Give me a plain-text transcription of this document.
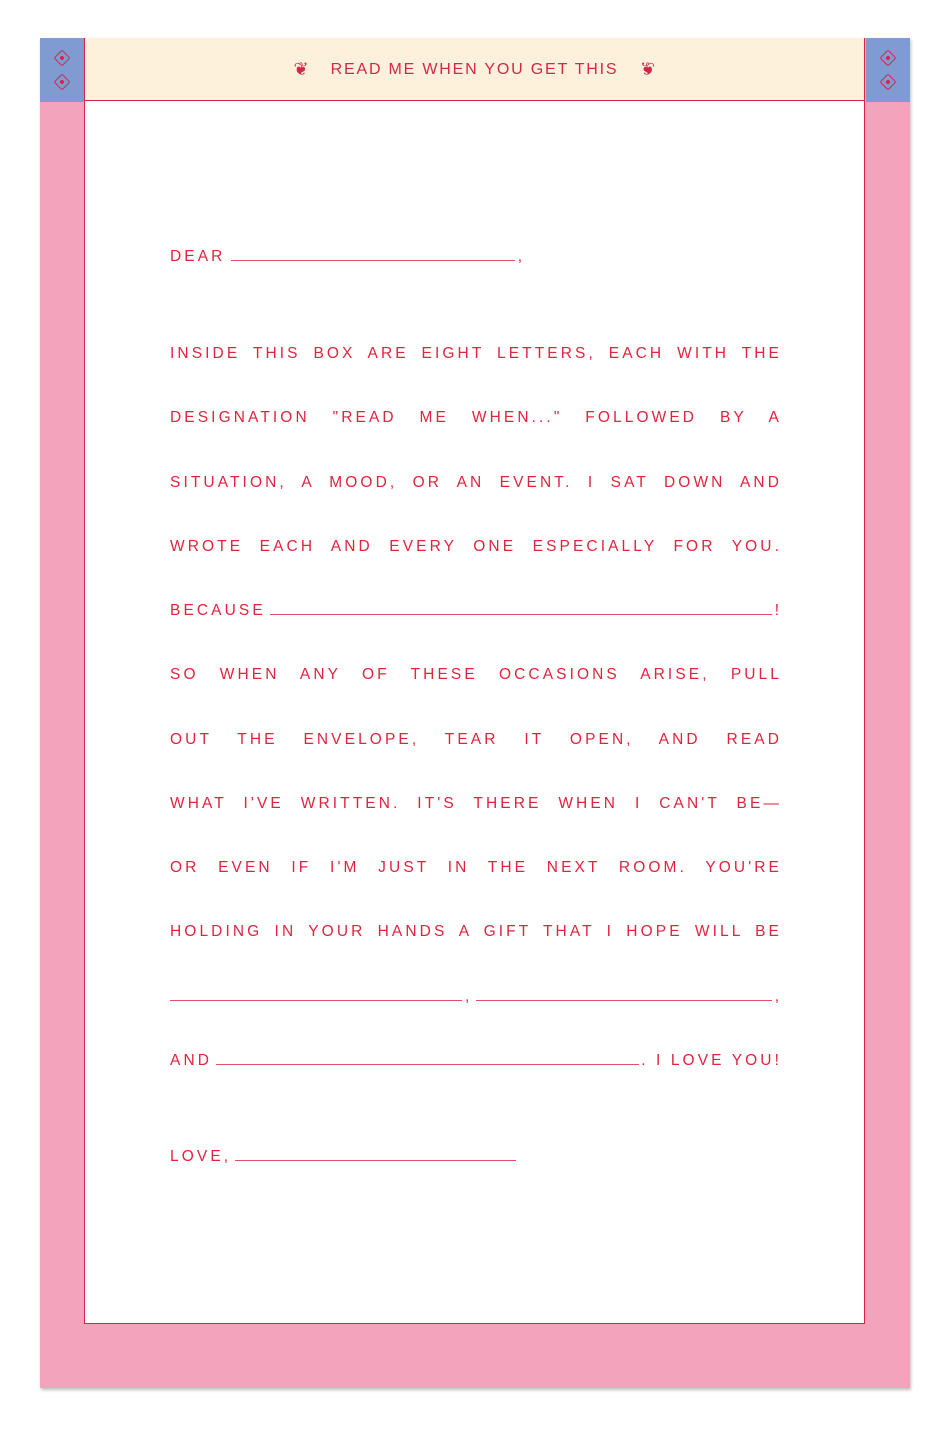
❦ READ ME WHEN YOU GET THIS ❦
DEAR	,
INSIDE THIS BOX ARE EIGHT LETTERS, EACH WITH THE
DESIGNATION "READ ME WHEN..." FOLLOWED BY A
SITUATION, A MOOD, OR AN EVENT. I SAT DOWN AND
WROTE EACH AND EVERY ONE ESPECIALLY FOR YOU.
BECAUSE	!
SO WHEN ANY OF THESE OCCASIONS ARISE, PULL
OUT THE ENVELOPE, TEAR IT OPEN, AND READ
WHAT I'VE WRITTEN. IT'S THERE WHEN I CAN'T BE—
OR EVEN IF I'M JUST IN THE NEXT ROOM. YOU'RE
HOLDING IN YOUR HANDS A GIFT THAT I HOPE WILL BE
,	,
AND	. I LOVE YOU!
LOVE,
